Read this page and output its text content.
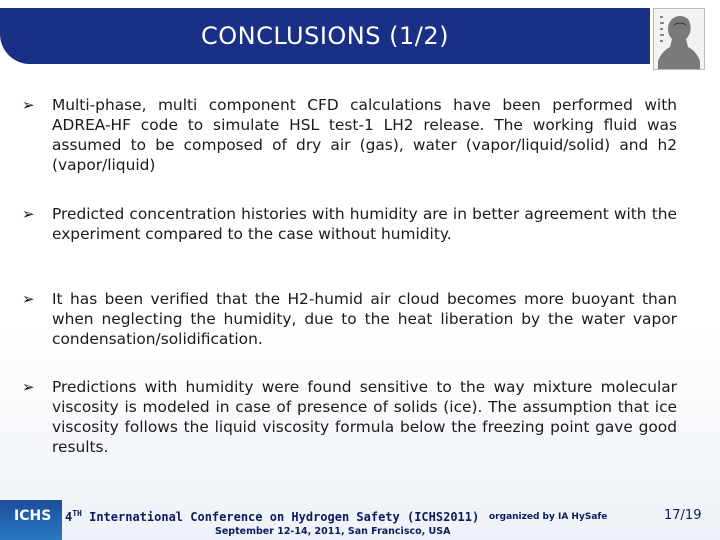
CONCLUSIONS (1/2)

➢ Multi-phase, multi component CFD calculations have been performed with ADREA-HF code to simulate HSL test-1 LH2 release. The working fluid was assumed to be composed of dry air (gas), water (vapor/liquid/solid) and h2 (vapor/liquid)

➢ Predicted concentration histories with humidity are in better agreement with the experiment compared to the case without humidity.

➢ It has been verified that the H2-humid air cloud becomes more buoyant than when neglecting the humidity, due to the heat liberation by the water vapor condensation/solidification.

➢ Predictions with humidity were found sensitive to the way mixture molecular viscosity is modeled in case of presence of solids (ice). The assumption that ice viscosity follows the liquid viscosity formula below the freezing point gave good results.

ICHS 4TH International Conference on Hydrogen Safety (ICHS2011) organized by IA HySafe
September 12-14, 2011, San Francisco, USA
17/19
